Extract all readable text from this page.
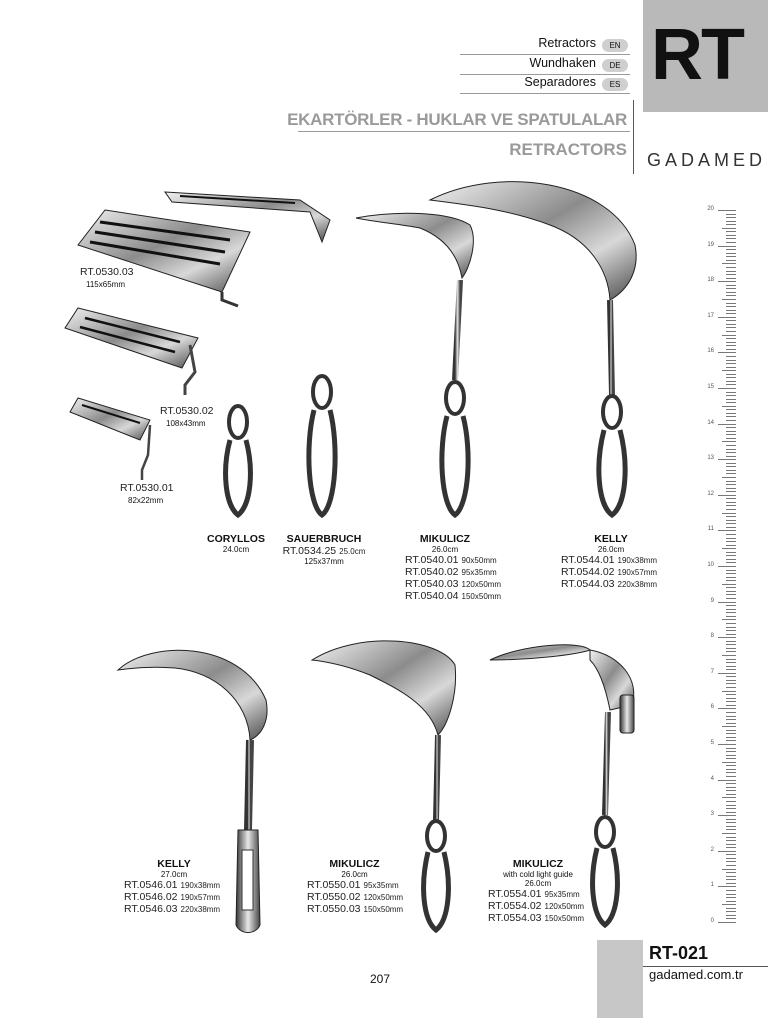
RT
Retractors	EN
Wundhaken	DE
Separadores	ES
EKARTÖRLER - HUKLAR VE SPATULALAR
RETRACTORS
GADAMED
20
19
18
17
16
15
14
13
12
11
10
9
8
7
6
5
4
3
2
1
0
RT.0530.03
115x65mm
RT.0530.02
108x43mm
RT.0530.01
82x22mm
CORYLLOS
24.0cm
SAUERBRUCH
RT.0534.25 25.0cm
125x37mm
MIKULICZ
26.0cm
RT.0540.01 90x50mm
RT.0540.02 95x35mm
RT.0540.03 120x50mm
RT.0540.04 150x50mm
KELLY
26.0cm
RT.0544.01 190x38mm
RT.0544.02 190x57mm
RT.0544.03 220x38mm
KELLY
27.0cm
RT.0546.01 190x38mm
RT.0546.02 190x57mm
RT.0546.03 220x38mm
MIKULICZ
26.0cm
RT.0550.01 95x35mm
RT.0550.02 120x50mm
RT.0550.03 150x50mm
MIKULICZ
with cold light guide
26.0cm
RT.0554.01 95x35mm
RT.0554.02 120x50mm
RT.0554.03 150x50mm
RT-021
gadamed.com.tr
207
